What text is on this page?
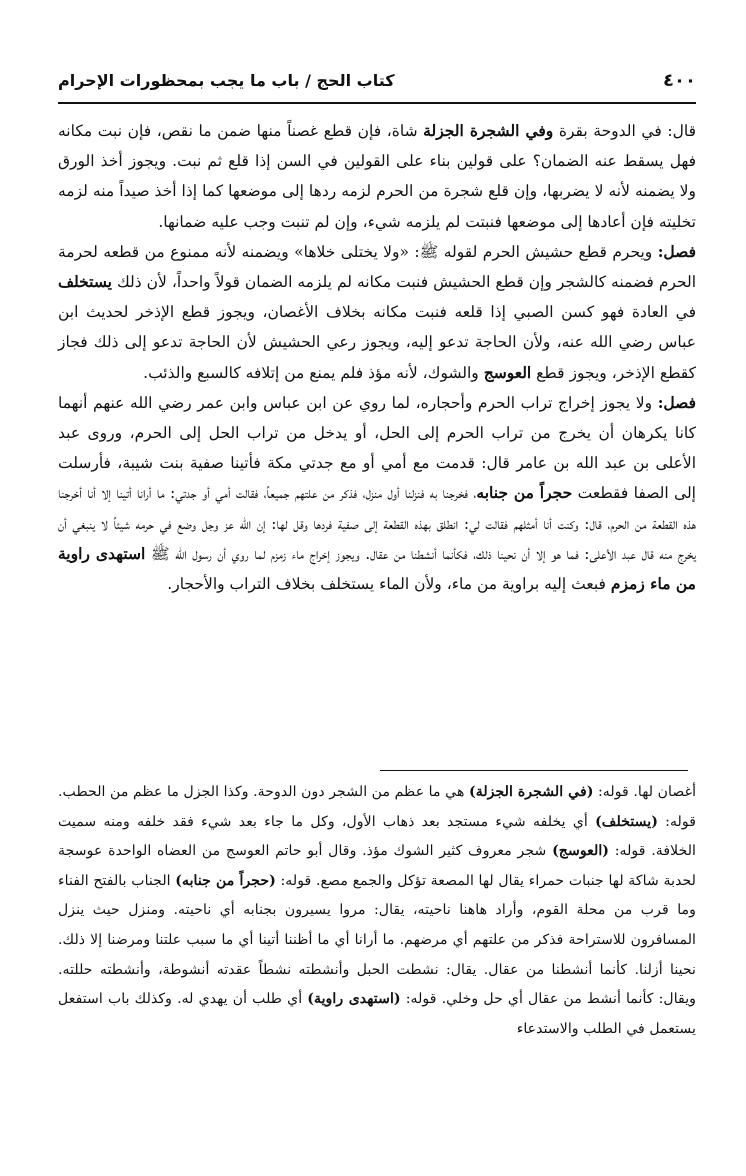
٤٠٠
كتاب الحج / باب ما يجب بمحظورات الإحرام

قال: في الدوحة بقرة وفي الشجرة الجزلة شاة، فإن قطع غصناً منها ضمن ما نقص، فإن نبت مكانه فهل يسقط عنه الضمان؟ على قولين بناء على القولين في السن إذا قلع ثم نبت. ويجوز أخذ الورق ولا يضمنه لأنه لا يضربها، وإن قلع شجرة من الحرم لزمه ردها إلى موضعها كما إذا أخذ صيداً منه لزمه تخليته فإن أعادها إلى موضعها فنبتت لم يلزمه شيء، وإن لم تنبت وجب عليه ضمانها.

فصل: ويحرم قطع حشيش الحرم لقوله ﷺ: «ولا يختلى خلاها» ويضمنه لأنه ممنوع من قطعه لحرمة الحرم فضمنه كالشجر وإن قطع الحشيش فنبت مكانه لم يلزمه الضمان قولاً واحداً، لأن ذلك يستخلف في العادة فهو كسن الصبي إذا قلعه فنبت مكانه بخلاف الأغصان، ويجوز قطع الإذخر لحديث ابن عباس رضي الله عنه، ولأن الحاجة تدعو إليه، ويجوز رعي الحشيش لأن الحاجة تدعو إلى ذلك فجاز كقطع الإذخر، ويجوز قطع العوسج والشوك، لأنه مؤذ فلم يمنع من إتلافه كالسبع والذئب.

فصل: ولا يجوز إخراج تراب الحرم وأحجاره، لما روي عن ابن عباس وابن عمر رضي الله عنهم أنهما كانا يكرهان أن يخرج من تراب الحرم إلى الحل، أو يدخل من تراب الحل إلى الحرم، وروى عبد الأعلى بن عبد الله بن عامر قال: قدمت مع أمي أو مع جدتي مكة فأتينا صفية بنت شيبة، فأرسلت إلى الصفا فقطعت حجراً من جنابه، فخرجنا به فنزلنا أول منزل، فذكر من علتهم جميعاً، فقالت أمي أو جدتي: ما أرانا أتينا إلا أنا أخرجنا هذه القطعة من الحرم، قال: وكنت أنا أمثلهم فقالت لي: انطلق بهذه القطعة إلى صفية فردها وقل لها: إن الله عز وجل وضع في حرمه شيئاً لا ينبغي أن يخرج منه قال عبد الأعلى: فما هو إلا أن نحينا ذلك، فكأنما أنشطنا من عقال. ويجوز إخراج ماء زمزم لما روي أن رسول الله ﷺ استهدى راوية من ماء زمزم فبعث إليه براوية من ماء، ولأن الماء يستخلف بخلاف التراب والأحجار.

أغصان لها. قوله: (في الشجرة الجزلة) هي ما عظم من الشجر دون الدوحة. وكذا الجزل ما عظم من الحطب. قوله: (يستخلف) أي يخلفه شيء مستجد بعد ذهاب الأول، وكل ما جاء بعد شيء فقد خلفه ومنه سميت الخلافة. قوله: (العوسج) شجر معروف كثير الشوك مؤذ. وقال أبو حاتم العوسج من العضاه الواحدة عوسجة لحدبة شاكة لها جنبات حمراء يقال لها المصعة تؤكل والجمع مصع. قوله: (حجراً من جنابه) الجناب بالفتح الفناء وما قرب من محلة القوم، وأراد هاهنا ناحيته، يقال: مروا يسيرون بجنابه أي ناحيته. ومنزل حيث ينزل المسافرون للاستراحة فذكر من علتهم أي مرضهم. ما أرانا أي ما أظننا أتينا أي ما سبب علتنا ومرضنا إلا ذلك. نحينا أزلنا. كأنما أنشطنا من عقال. يقال: نشطت الحبل وأنشطته نشطاً عقدته أنشوطة، وأنشطته حللته. ويقال: كأنما أنشط من عقال أي حل وخلي. قوله: (استهدى راوية) أي طلب أن يهدي له. وكذلك باب استفعل يستعمل في الطلب والاستدعاء
